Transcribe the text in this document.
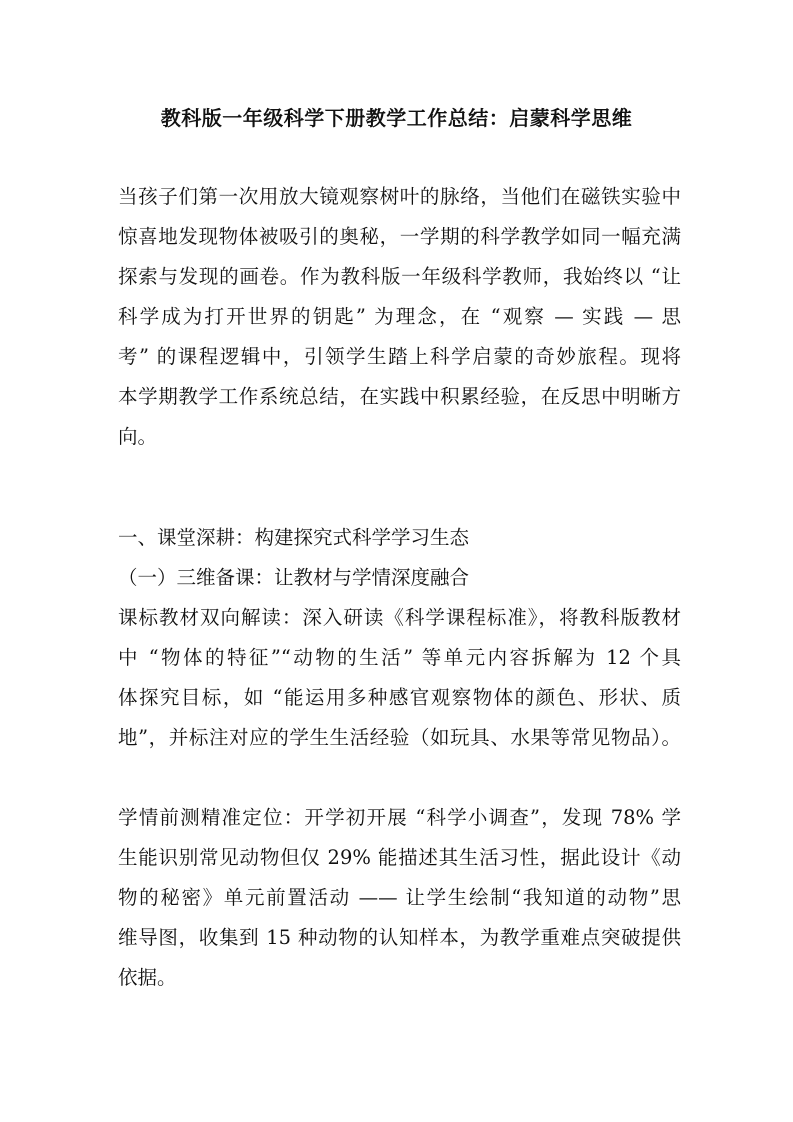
教科版一年级科学下册教学工作总结：启蒙科学思维
当孩子们第一次用放大镜观察树叶的脉络，当他们在磁铁实验中
惊喜地发现物体被吸引的奥秘，一学期的科学教学如同一幅充满
探索与发现的画卷。作为教科版一年级科学教师，我始终以 “让
科学成为打开世界的钥匙” 为理念，在 “观察 — 实践 — 思
考” 的课程逻辑中，引领学生踏上科学启蒙的奇妙旅程。现将
本学期教学工作系统总结，在实践中积累经验，在反思中明晰方
向。
一、课堂深耕：构建探究式科学学习生态
（一）三维备课：让教材与学情深度融合
课标教材双向解读：深入研读《科学课程标准》，将教科版教材
中 “物体的特征”“动物的生活” 等单元内容拆解为 12 个具
体探究目标，如 “能运用多种感官观察物体的颜色、形状、质
地”，并标注对应的学生生活经验（如玩具、水果等常见物品）。
学情前测精准定位：开学初开展 “科学小调查”，发现 78% 学
生能识别常见动物但仅 29% 能描述其生活习性，据此设计《动
物的秘密》单元前置活动 —— 让学生绘制“我知道的动物”思
维导图，收集到 15 种动物的认知样本，为教学重难点突破提供
依据。
